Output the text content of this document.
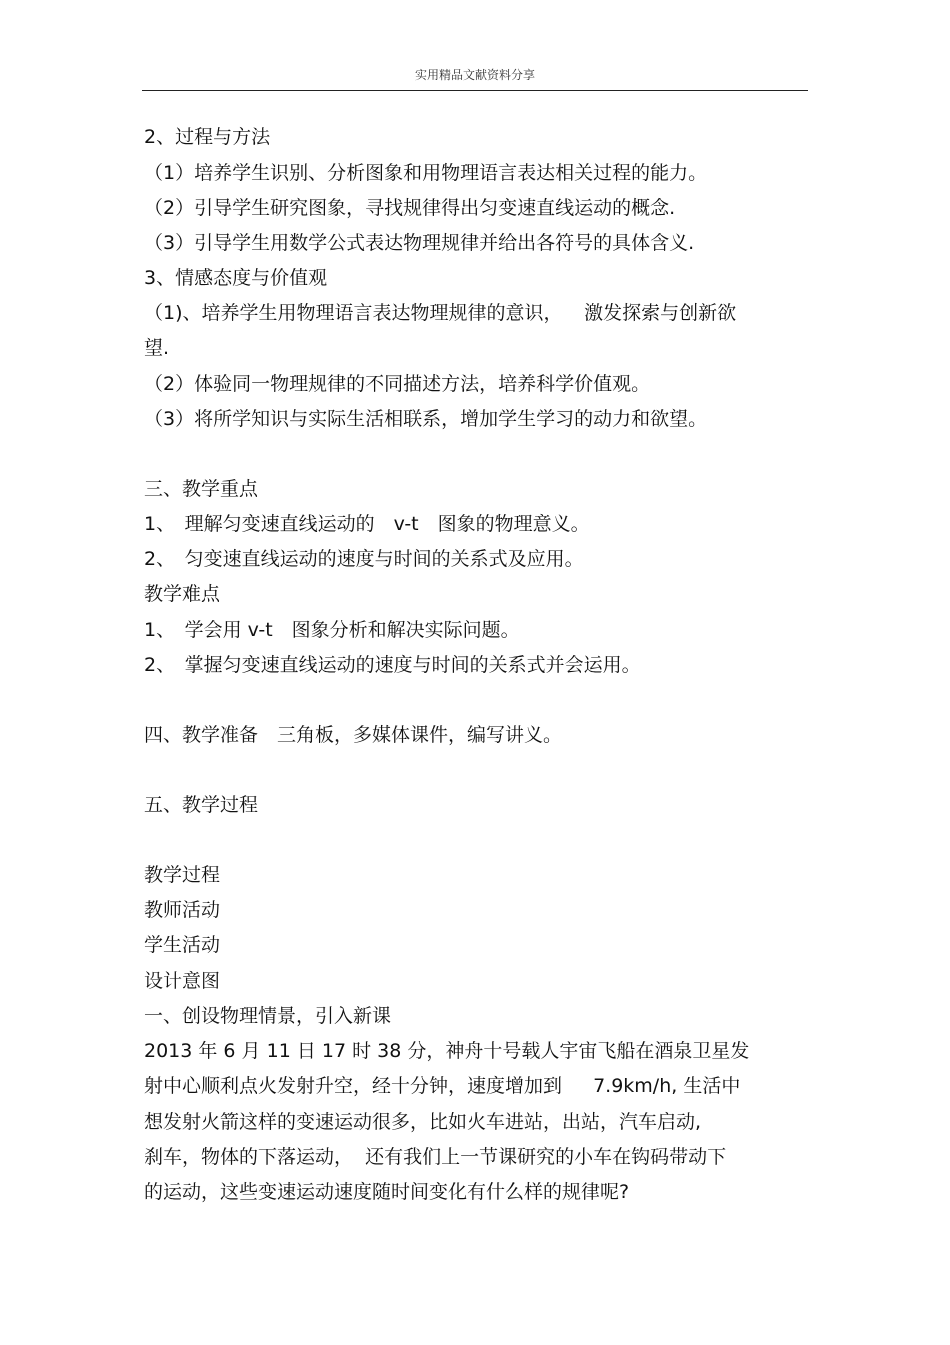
实用精品文献资料分享
2、过程与方法
（1）培养学生识别、分析图象和用物理语言表达相关过程的能力。
（2）引导学生研究图象，寻找规律得出匀变速直线运动的概念.
（3）引导学生用数学公式表达物理规律并给出各符号的具体含义.
3、情感态度与价值观
（1)、培养学生用物理语言表达物理规律的意识，　  激发探索与创新欲
望.
（2）体验同一物理规律的不同描述方法，培养科学价值观。
（3）将所学知识与实际生活相联系，增加学生学习的动力和欲望。
三、教学重点
1、　理解匀变速直线运动的　v-t　图象的物理意义。
2、　匀变速直线运动的速度与时间的关系式及应用。
教学难点
1、　学会用 v-t　图象分析和解决实际问题。
2、　掌握匀变速直线运动的速度与时间的关系式并会运用。
四、教学准备　三角板，多媒体课件，编写讲义。
五、教学过程
教学过程
教师活动
学生活动
设计意图
一、创设物理情景，引入新课
2013 年 6 月 11 日 17 时 38 分，神舟十号载人宇宙飞船在酒泉卫星发
射中心顺利点火发射升空，经十分钟，速度增加到　  7.9km/h, 生活中
想发射火箭这样的变速运动很多，比如火车进站，出站，汽车启动,
刹车，物体的下落运动，  还有我们上一节课研究的小车在钩码带动下
的运动，这些变速运动速度随时间变化有什么样的规律呢?
